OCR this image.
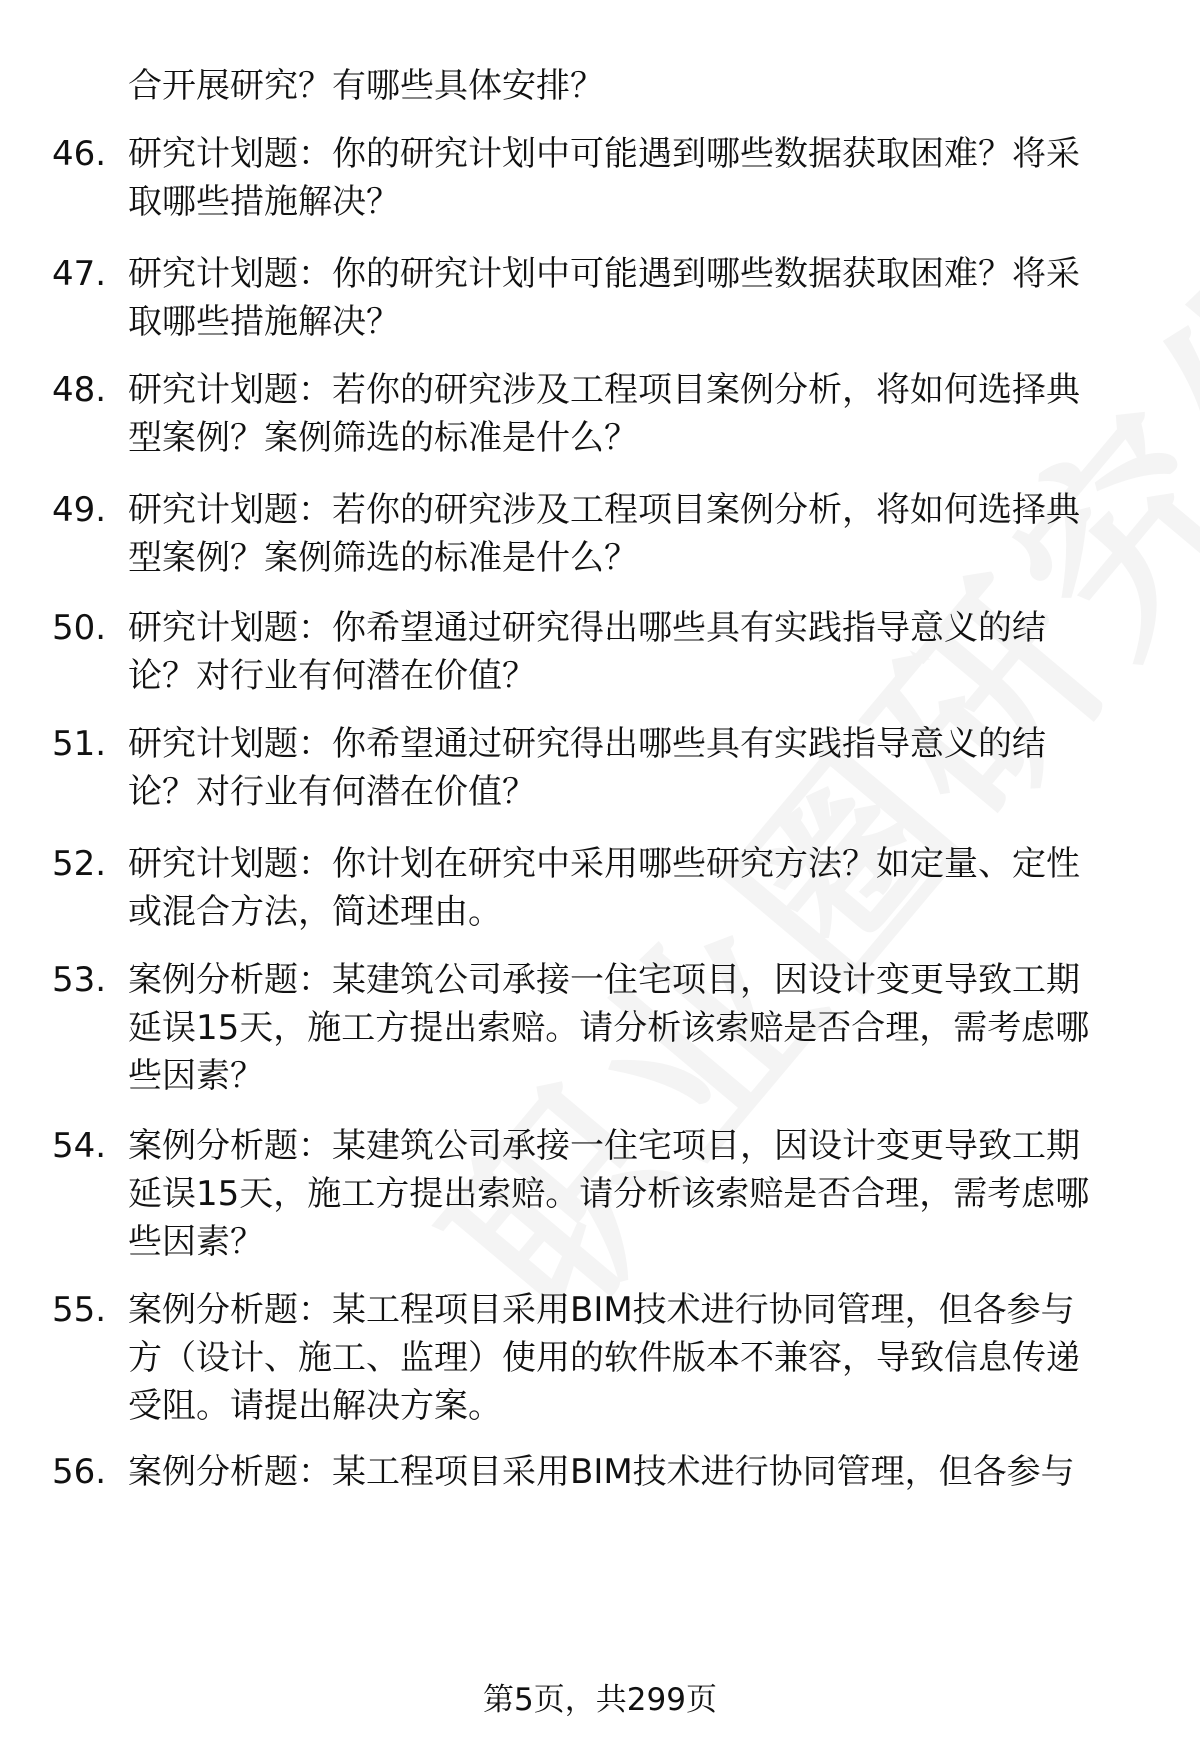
合开展研究？有哪些具体安排？
46. 研究计划题：你的研究计划中可能遇到哪些数据获取困难？将采
取哪些措施解决？
47. 研究计划题：你的研究计划中可能遇到哪些数据获取困难？将采
取哪些措施解决？
48. 研究计划题：若你的研究涉及工程项目案例分析，将如何选择典
型案例？案例筛选的标准是什么？
49. 研究计划题：若你的研究涉及工程项目案例分析，将如何选择典
型案例？案例筛选的标准是什么？
50. 研究计划题：你希望通过研究得出哪些具有实践指导意义的结
论？对行业有何潜在价值？
51. 研究计划题：你希望通过研究得出哪些具有实践指导意义的结
论？对行业有何潜在价值？
52. 研究计划题：你计划在研究中采用哪些研究方法？如定量、定性
或混合方法，简述理由。
53. 案例分析题：某建筑公司承接一住宅项目，因设计变更导致工期
延误15天，施工方提出索赔。请分析该索赔是否合理，需考虑哪
些因素？
54. 案例分析题：某建筑公司承接一住宅项目，因设计变更导致工期
延误15天，施工方提出索赔。请分析该索赔是否合理，需考虑哪
些因素？
55. 案例分析题：某工程项目采用BIM技术进行协同管理，但各参与
方（设计、施工、监理）使用的软件版本不兼容，导致信息传递
受阻。请提出解决方案。
56. 案例分析题：某工程项目采用BIM技术进行协同管理，但各参与
第5页，共299页
